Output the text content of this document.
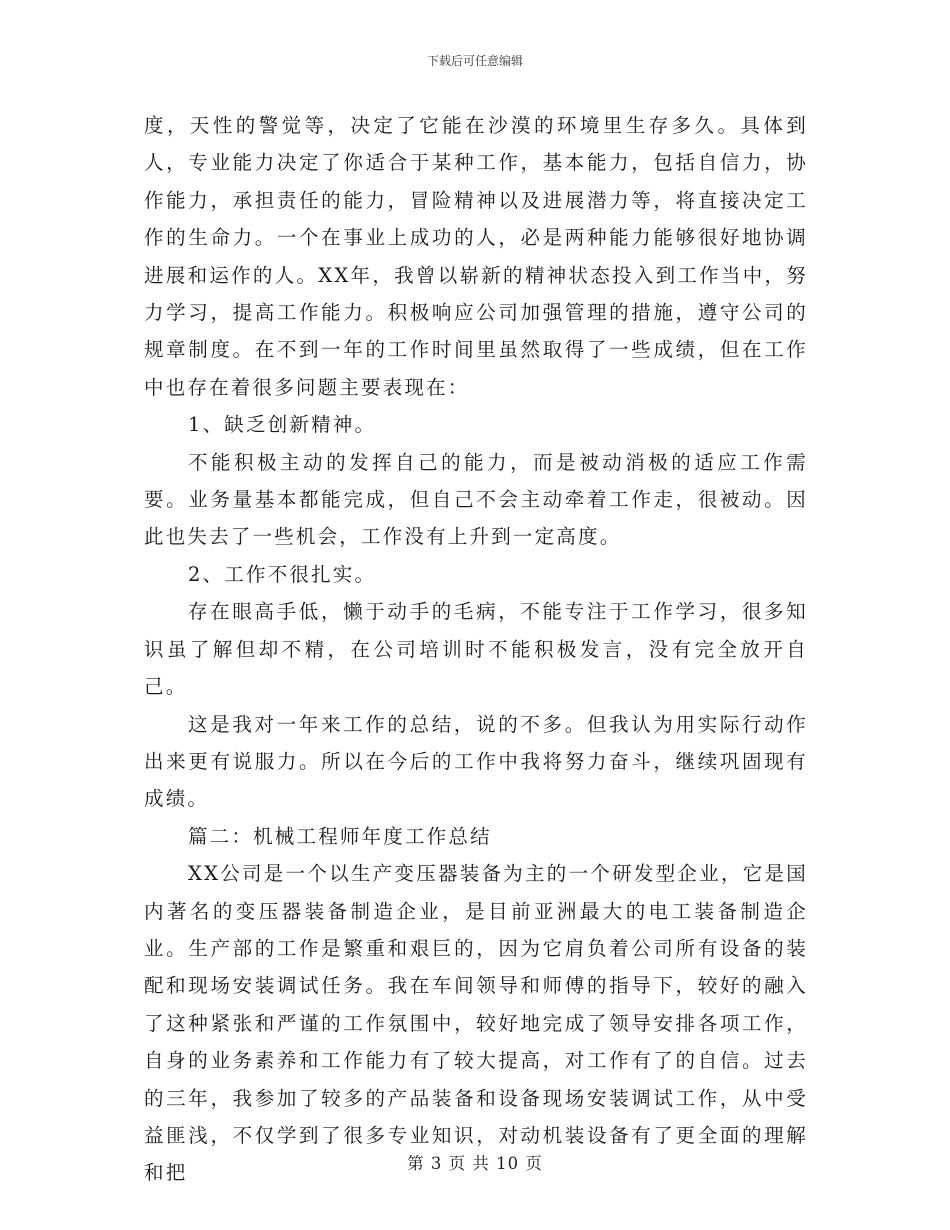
下载后可任意编辑

度，天性的警觉等，决定了它能在沙漠的环境里生存多久。具体到人，专业能力决定了你适合于某种工作，基本能力，包括自信力，协作能力，承担责任的能力，冒险精神以及进展潜力等，将直接决定工作的生命力。一个在事业上成功的人，必是两种能力能够很好地协调进展和运作的人。XX年，我曾以崭新的精神状态投入到工作当中，努力学习，提高工作能力。积极响应公司加强管理的措施，遵守公司的规章制度。在不到一年的工作时间里虽然取得了一些成绩，但在工作中也存在着很多问题主要表现在：

1、缺乏创新精神。

不能积极主动的发挥自己的能力，而是被动消极的适应工作需要。业务量基本都能完成，但自己不会主动牵着工作走，很被动。因此也失去了一些机会，工作没有上升到一定高度。

2、工作不很扎实。

存在眼高手低，懒于动手的毛病，不能专注于工作学习，很多知识虽了解但却不精，在公司培训时不能积极发言，没有完全放开自己。

这是我对一年来工作的总结，说的不多。但我认为用实际行动作出来更有说服力。所以在今后的工作中我将努力奋斗，继续巩固现有成绩。

篇二：机械工程师年度工作总结

XX公司是一个以生产变压器装备为主的一个研发型企业，它是国内著名的变压器装备制造企业，是目前亚洲最大的电工装备制造企业。生产部的工作是繁重和艰巨的，因为它肩负着公司所有设备的装配和现场安装调试任务。我在车间领导和师傅的指导下，较好的融入了这种紧张和严谨的工作氛围中，较好地完成了领导安排各项工作，自身的业务素养和工作能力有了较大提高，对工作有了的自信。过去的三年，我参加了较多的产品装备和设备现场安装调试工作，从中受益匪浅，不仅学到了很多专业知识，对动机装设备有了更全面的理解和把	第 3 页 共 10 页
